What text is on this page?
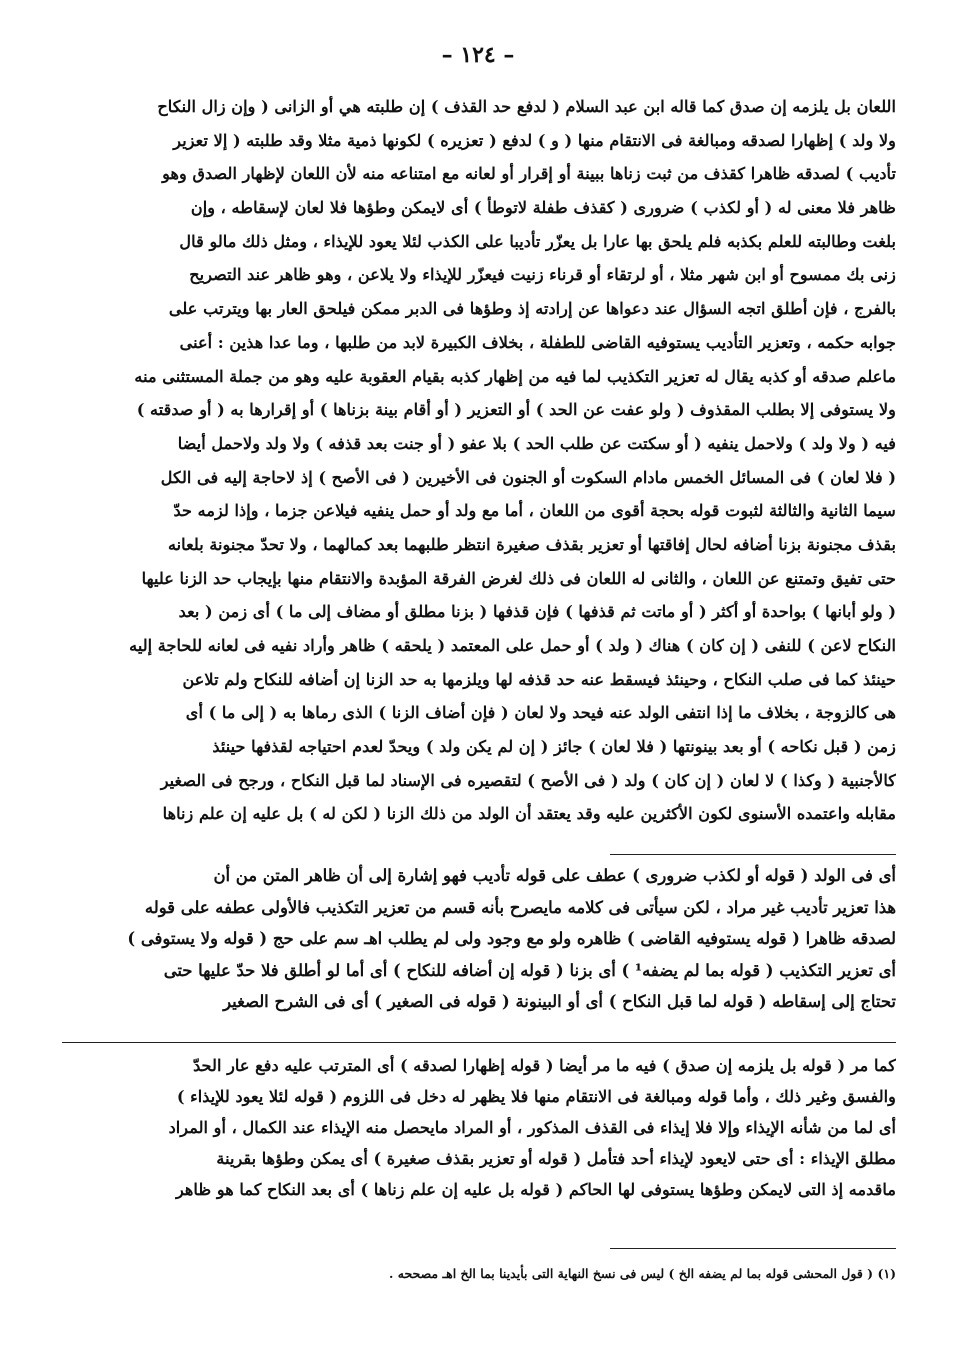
– ١٢٤ –
اللعان بل يلزمه إن صدق كما قاله ابن عبد السلام ( لدفع حد القذف ) إن طلبته هي أو الزانى ( وإن زال النكاح
ولا ولد ) إظهارا لصدقه ومبالغة فى الانتقام منها ( و ) لدفع ( تعزيره ) لكونها ذمية مثلا وقد طلبته ( إلا تعزير
تأديب ) لصدقه ظاهرا كقذف من ثبت زناها ببينة أو إقرار أو لعانه مع امتناعه منه لأن اللعان لإظهار الصدق وهو
ظاهر فلا معنى له ( أو لكذب ) ضرورى ( كقذف طفلة لاتوطأ ) أى لايمكن وطؤها فلا لعان لإسقاطه ، وإن
بلغت وطالبته للعلم بكذبه فلم يلحق بها عارا بل يعزّر تأديبا على الكذب لئلا يعود للإيذاء ، ومثل ذلك مالو قال
زنى بك ممسوح أو ابن شهر مثلا ، أو لرتقاء أو قرناء زنيت فيعزّر للإيذاء ولا يلاعن ، وهو ظاهر عند التصريح
بالفرج ، فإن أطلق اتجه السؤال عند دعواها عن إرادته إذ وطؤها فى الدبر ممكن فيلحق العار بها ويترتب على
جوابه حكمه ، وتعزير التأديب يستوفيه القاضى للطفلة ، بخلاف الكبيرة لابد من طلبها ، وما عدا هذين : أعنى
ماعلم صدقه أو كذبه يقال له تعزير التكذيب لما فيه من إظهار كذبه بقيام العقوبة عليه وهو من جملة المستثنى منه
ولا يستوفى إلا بطلب المقذوف ( ولو عفت عن الحد ) أو التعزير ( أو أقام بينة بزناها ) أو إقرارها به ( أو صدقته )
فيه ( ولا ولد ) ولاحمل ينفيه ( أو سكتت عن طلب الحد ) بلا عفو ( أو جنت بعد قذفه ) ولا ولد ولاحمل أيضا
( فلا لعان ) فى المسائل الخمس مادام السكوت أو الجنون فى الأخيرين ( فى الأصح ) إذ لاحاجة إليه فى الكل
سيما الثانية والثالثة لثبوت قوله بحجة أقوى من اللعان ، أما مع ولد أو حمل ينفيه فيلاعن جزما ، وإذا لزمه حدّ
بقذف مجنونة بزنا أضافه لحال إفاقتها أو تعزير بقذف صغيرة انتظر طلبهما بعد كمالهما ، ولا تحدّ مجنونة بلعانه
حتى تفيق وتمتنع عن اللعان ، والثانى له اللعان فى ذلك لغرض الفرقة المؤبدة والانتقام منها بإيجاب حد الزنا عليها
( ولو أبانها ) بواحدة أو أكثر ( أو ماتت ثم قذفها ) فإن قذفها ( بزنا مطلق أو مضاف إلى ما ) أى زمن ( بعد
النكاح لاعن ) للنفى ( إن كان ) هناك ( ولد ) أو حمل على المعتمد ( يلحقه ) ظاهر وأراد نفيه فى لعانه للحاجة إليه
حينئذ كما فى صلب النكاح ، وحينئذ فيسقط عنه حد قذفه لها ويلزمها به حد الزنا إن أضافه للنكاح ولم تلاعن
هى كالزوجة ، بخلاف ما إذا انتفى الولد عنه فيحد ولا لعان ( فإن أضاف الزنا ) الذى رماها به ( إلى ما ) أى
زمن ( قبل نكاحه ) أو بعد بينونتها ( فلا لعان ) جائز ( إن لم يكن ولد ) ويحدّ لعدم احتياجه لقذفها حينئذ
كالأجنبية ( وكذا ) لا لعان ( إن كان ) ولد ( فى الأصح ) لتقصيره فى الإسناد لما قبل النكاح ، ورجح فى الصغير
مقابله واعتمده الأسنوى لكون الأكثرين عليه وقد يعتقد أن الولد من ذلك الزنا ( لكن له ) بل عليه إن علم زناها
أى فى الولد ( قوله أو لكذب ضرورى ) عطف على قوله تأديب فهو إشارة إلى أن ظاهر المتن من أن
هذا تعزير تأديب غير مراد ، لكن سيأتى فى كلامه مايصرح بأنه قسم من تعزير التكذيب فالأولى عطفه على قوله
لصدقه ظاهرا ( قوله يستوفيه القاضى ) ظاهره ولو مع وجود ولى لم يطلب اهـ سم على حج ( قوله ولا يستوفى )
أى تعزير التكذيب ( قوله بما لم يضفه¹ ) أى بزنا ( قوله إن أضافه للنكاح ) أى أما لو أطلق فلا حدّ عليها حتى
تحتاج إلى إسقاطه ( قوله لما قبل النكاح ) أى أو البينونة ( قوله فى الصغير ) أى فى الشرح الصغير
كما مر ( قوله بل يلزمه إن صدق ) فيه ما مر أيضا ( قوله إظهارا لصدقه ) أى المترتب عليه دفع عار الحدّ
والفسق وغير ذلك ، وأما قوله ومبالغة فى الانتقام منها فلا يظهر له دخل فى اللزوم ( قوله لئلا يعود للإيذاء )
أى لما من شأنه الإيذاء وإلا فلا إيذاء فى القذف المذكور ، أو المراد مايحصل منه الإيذاء عند الكمال ، أو المراد
مطلق الإيذاء : أى حتى لايعود لإيذاء أحد فتأمل ( قوله أو تعزير بقذف صغيرة ) أى يمكن وطؤها بقرينة
ماقدمه إذ التى لايمكن وطؤها يستوفى لها الحاكم ( قوله بل عليه إن علم زناها ) أى بعد النكاح كما هو ظاهر
(١) ( قول المحشى قوله بما لم يضفه الخ ) ليس فى نسخ النهاية التى بأيدينا بما الخ اهـ مصححه .
